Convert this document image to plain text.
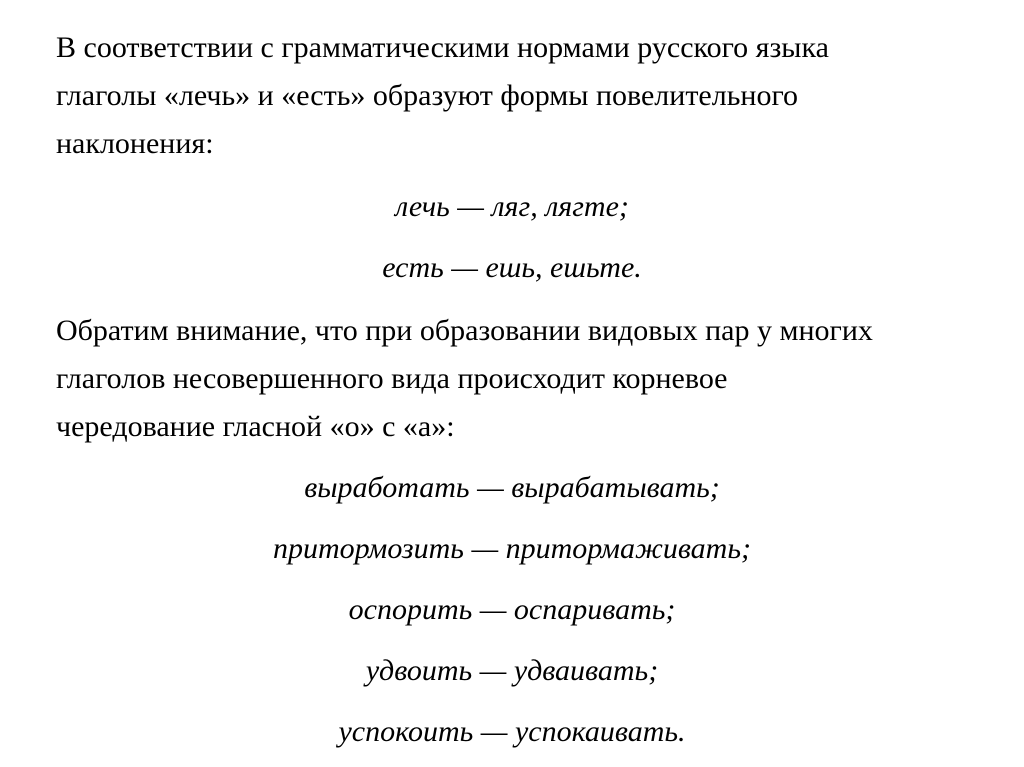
В соответствии с грамматическими нормами русского языка
глаголы «лечь» и «есть» образуют формы повелительного
наклонения:

лечь — ляг, лягте;

есть — ешь, ешьте.

Обратим внимание, что при образовании видовых пар у многих
глаголов несовершенного вида происходит корневое
чередование гласной «о» с «а»:

выработать — вырабатывать;

притормозить — притормаживать;

оспорить — оспаривать;

удвоить — удваивать;

успокоить — успокаивать.
